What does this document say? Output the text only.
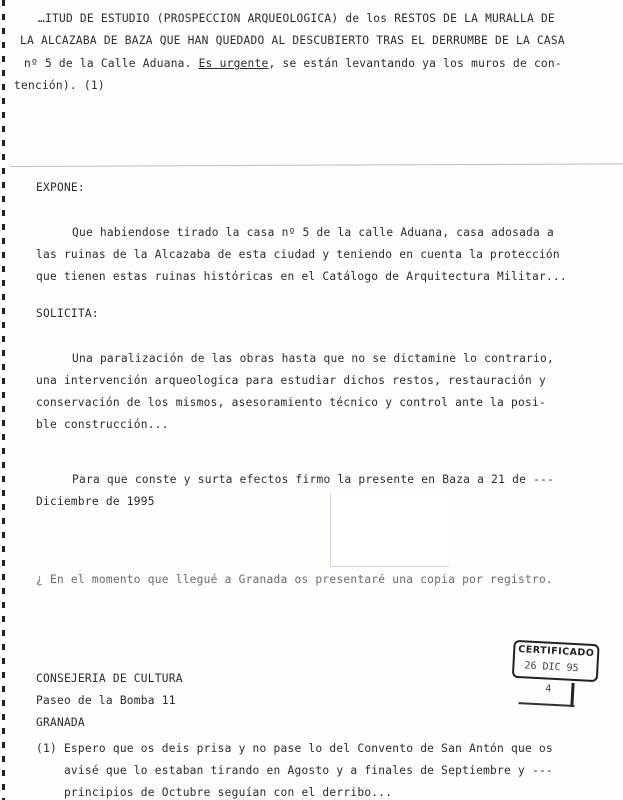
…ITUD DE ESTUDIO (PROSPECCION ARQUEOLOGICA) de los RESTOS DE LA MURALLA DE
LA ALCAZABA DE BAZA QUE HAN QUEDADO AL DESCUBIERTO TRAS EL DERRUMBE DE LA CASA
nº 5 de la Calle Aduana. Es urgente, se están levantando ya los muros de con-
tención). (1)
EXPONE:
Que habiendose tirado la casa nº 5 de la calle Aduana, casa adosada a
las ruinas de la Alcazaba de esta ciudad y teniendo en cuenta la protección
que tienen estas ruinas históricas en el Catálogo de Arquitectura Militar...
SOLICITA:
Una paralización de las obras hasta que no se dictamine lo contrario,
una intervención arqueologica para estudiar dichos restos, restauración y
conservación de los mismos, asesoramiento técnico y control ante la posi-
ble construcción...
Para que conste y surta efectos firmo la presente en Baza a 21 de ---
Diciembre de 1995
¿ En el momento que llegué a Granada os presentaré una copia por registro.
CONSEJERIA DE CULTURA
Paseo de la Bomba 11
GRANADA
CERTIFICADO
26 DIC 95
4
(1) Espero que os deis prisa y no pase lo del Convento de San Antón que os
avisé que lo estaban tirando en Agosto y a finales de Septiembre y ---
principios de Octubre seguían con el derribo...
